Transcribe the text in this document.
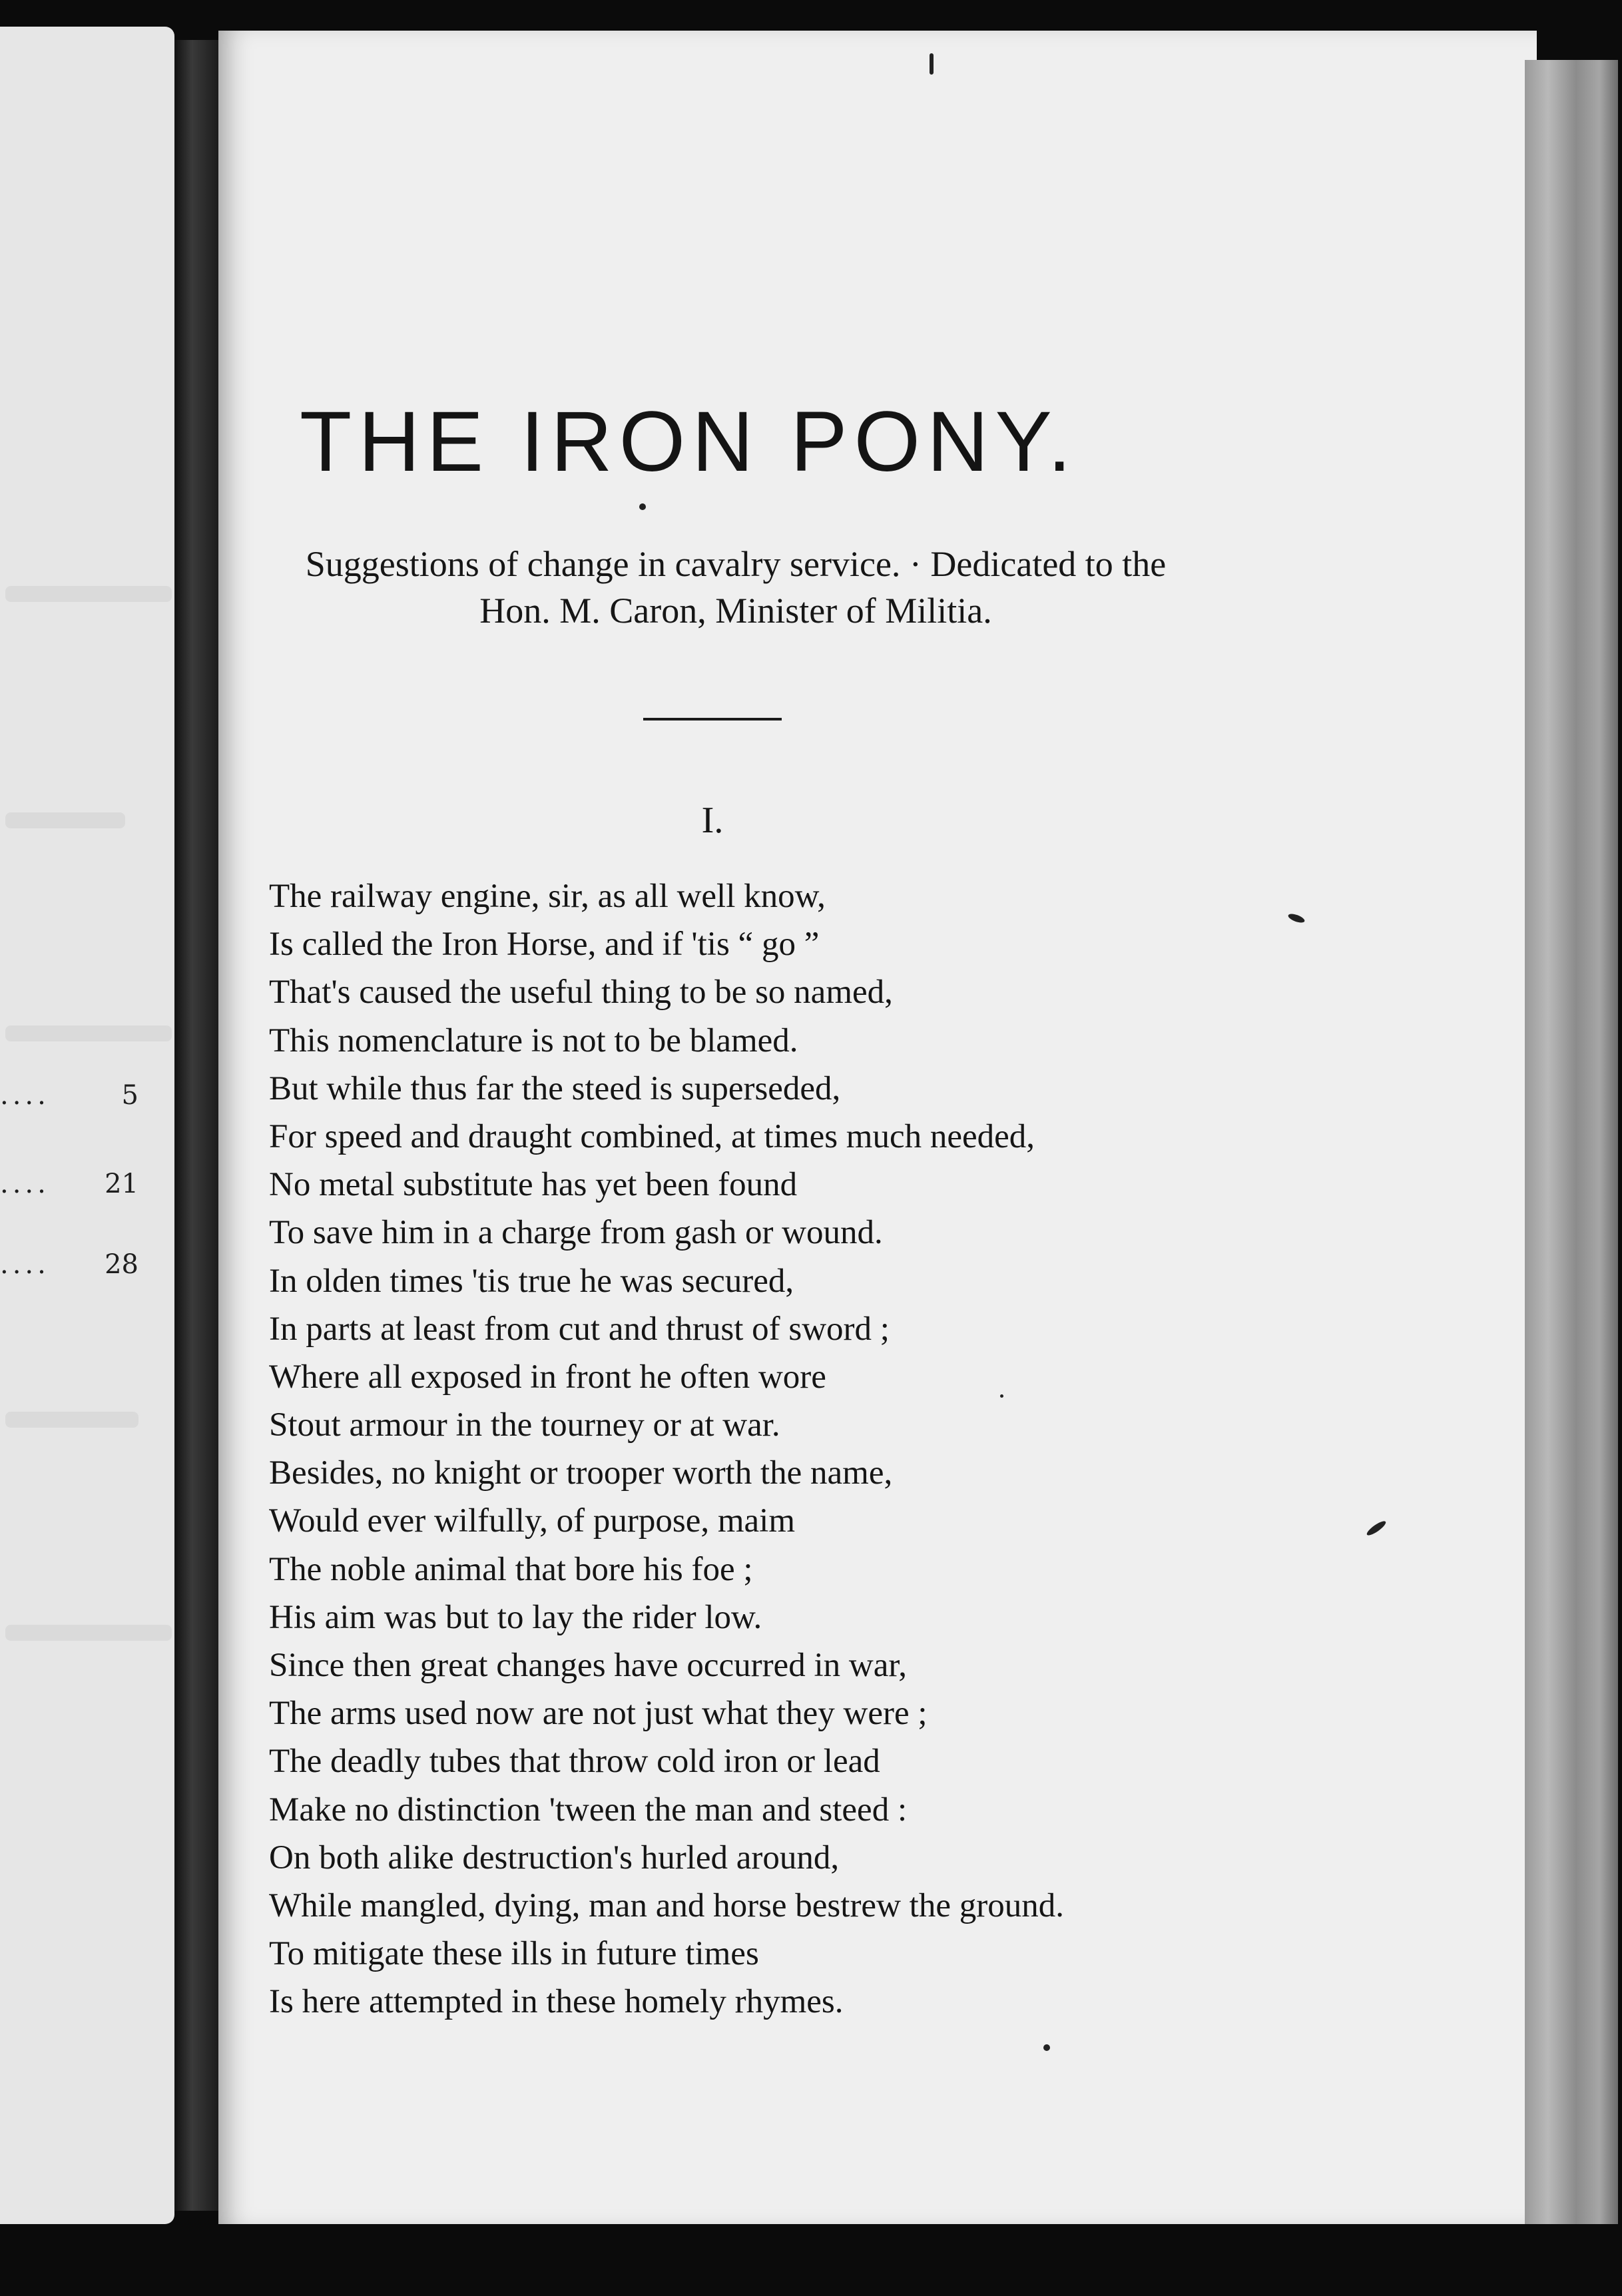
....	5
.... 21
.... 28
THE IRON PONY.
Suggestions of change in cavalry service. · Dedicated to the
Hon. M. Caron, Minister of Militia.
I.
The railway engine, sir, as all well know,
Is called the Iron Horse, and if 'tis “ go ”
That's caused the useful thing to be so named,
This nomenclature is not to be blamed.
But while thus far the steed is superseded,
For speed and draught combined, at times much needed,
No metal substitute has yet been found
To save him in a charge from gash or wound.
In olden times 'tis true he was secured,
In parts at least from cut and thrust of sword ;
Where all exposed in front he often wore
Stout armour in the tourney or at war.
Besides, no knight or trooper worth the name,
Would ever wilfully, of purpose, maim
The noble animal that bore his foe ;
His aim was but to lay the rider low.
Since then great changes have occurred in war,
The arms used now are not just what they were ;
The deadly tubes that throw cold iron or lead
Make no distinction 'tween the man and steed :
On both alike destruction's hurled around,
While mangled, dying, man and horse bestrew the ground.
To mitigate these ills in future times
Is here attempted in these homely rhymes.
